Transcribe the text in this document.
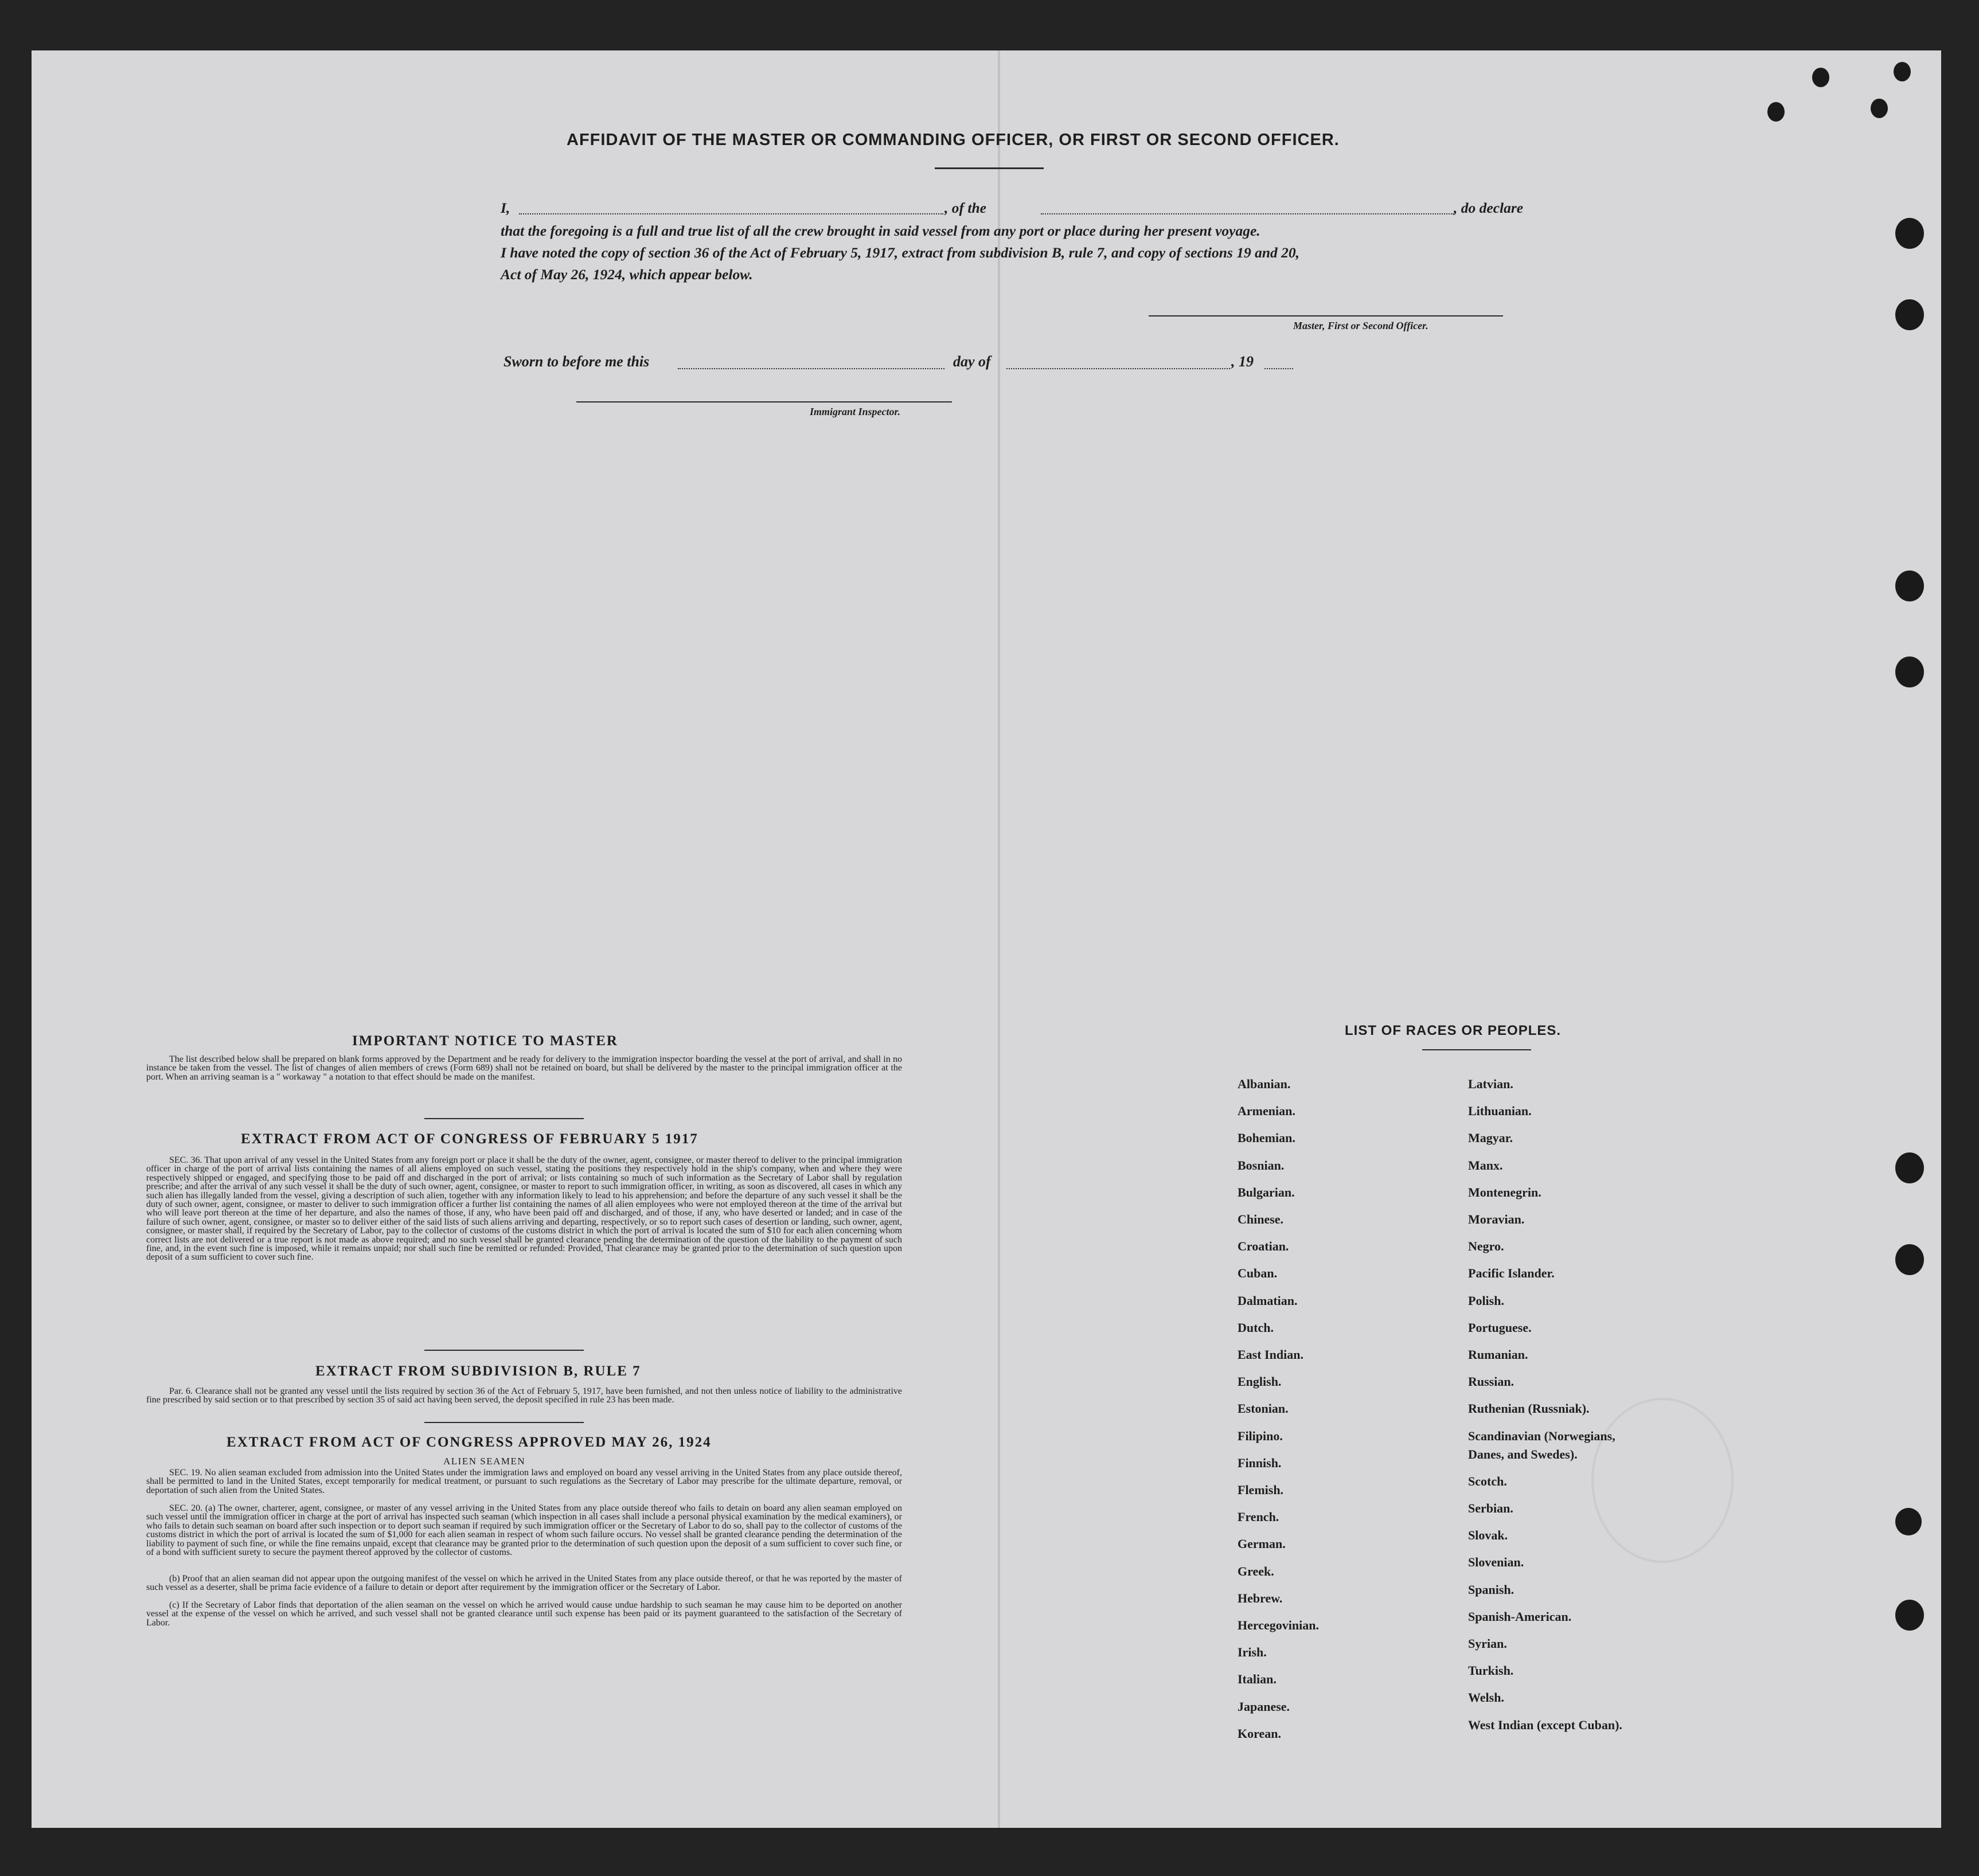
AFFIDAVIT OF THE MASTER OR COMMANDING OFFICER, OR FIRST OR SECOND OFFICER.
I,	, of the	, do declare
that the foregoing is a full and true list of all the crew brought in said vessel from any port or place during her present voyage.
I have noted the copy of section 36 of the Act of February 5, 1917, extract from subdivision B, rule 7, and copy of sections 19 and 20,
Act of May 26, 1924, which appear below.
Master, First or Second Officer.
Sworn to before me this	day of	, 19
Immigrant Inspector.
IMPORTANT NOTICE TO MASTER
The list described below shall be prepared on blank forms approved by the Department and be ready for delivery to the immigration inspector boarding the vessel at the port of arrival, and shall in no instance be taken from the vessel. The list of changes of alien members of crews (Form 689) shall not be retained on board, but shall be delivered by the master to the principal immigration officer at the port. When an arriving seaman is a " workaway " a notation to that effect should be made on the manifest.
EXTRACT FROM ACT OF CONGRESS OF FEBRUARY 5 1917
SEC. 36. That upon arrival of any vessel in the United States from any foreign port or place it shall be the duty of the owner, agent, consignee, or master thereof to deliver to the principal immigration officer in charge of the port of arrival lists containing the names of all aliens employed on such vessel, stating the positions they respectively hold in the ship's company, when and where they were respectively shipped or engaged, and specifying those to be paid off and discharged in the port of arrival; or lists containing so much of such information as the Secretary of Labor shall by regulation prescribe; and after the arrival of any such vessel it shall be the duty of such owner, agent, consignee, or master to report to such immigration officer, in writing, as soon as discovered, all cases in which any such alien has illegally landed from the vessel, giving a description of such alien, together with any information likely to lead to his apprehension; and before the departure of any such vessel it shall be the duty of such owner, agent, consignee, or master to deliver to such immigration officer a further list containing the names of all alien employees who were not employed thereon at the time of the arrival but who will leave port thereon at the time of her departure, and also the names of those, if any, who have been paid off and discharged, and of those, if any, who have deserted or landed; and in case of the failure of such owner, agent, consignee, or master so to deliver either of the said lists of such aliens arriving and departing, respectively, or so to report such cases of desertion or landing, such owner, agent, consignee, or master shall, if required by the Secretary of Labor, pay to the collector of customs of the customs district in which the port of arrival is located the sum of $10 for each alien concerning whom correct lists are not delivered or a true report is not made as above required; and no such vessel shall be granted clearance pending the determination of the question of the liability to the payment of such fine, and, in the event such fine is imposed, while it remains unpaid; nor shall such fine be remitted or refunded: Provided, That clearance may be granted prior to the determination of such question upon deposit of a sum sufficient to cover such fine.
EXTRACT FROM SUBDIVISION B, RULE 7
Par. 6. Clearance shall not be granted any vessel until the lists required by section 36 of the Act of February 5, 1917, have been furnished, and not then unless notice of liability to the administrative fine prescribed by said section or to that prescribed by section 35 of said act having been served, the deposit specified in rule 23 has been made.
EXTRACT FROM ACT OF CONGRESS APPROVED MAY 26, 1924
ALIEN SEAMEN
SEC. 19. No alien seaman excluded from admission into the United States under the immigration laws and employed on board any vessel arriving in the United States from any place outside thereof, shall be permitted to land in the United States, except temporarily for medical treatment, or pursuant to such regulations as the Secretary of Labor may prescribe for the ultimate departure, removal, or deportation of such alien from the United States.
SEC. 20. (a) The owner, charterer, agent, consignee, or master of any vessel arriving in the United States from any place outside thereof who fails to detain on board any alien seaman employed on such vessel until the immigration officer in charge at the port of arrival has inspected such seaman (which inspection in all cases shall include a personal physical examination by the medical examiners), or who fails to detain such seaman on board after such inspection or to deport such seaman if required by such immigration officer or the Secretary of Labor to do so, shall pay to the collector of customs of the customs district in which the port of arrival is located the sum of $1,000 for each alien seaman in respect of whom such failure occurs. No vessel shall be granted clearance pending the determination of the liability to payment of such fine, or while the fine remains unpaid, except that clearance may be granted prior to the determination of such question upon the deposit of a sum sufficient to cover such fine, or of a bond with sufficient surety to secure the payment thereof approved by the collector of customs.
(b) Proof that an alien seaman did not appear upon the outgoing manifest of the vessel on which he arrived in the United States from any place outside thereof, or that he was reported by the master of such vessel as a deserter, shall be prima facie evidence of a failure to detain or deport after requirement by the immigration officer or the Secretary of Labor.
(c) If the Secretary of Labor finds that deportation of the alien seaman on the vessel on which he arrived would cause undue hardship to such seaman he may cause him to be deported on another vessel at the expense of the vessel on which he arrived, and such vessel shall not be granted clearance until such expense has been paid or its payment guaranteed to the satisfaction of the Secretary of Labor.
LIST OF RACES OR PEOPLES.
Albanian.
Armenian.
Bohemian.
Bosnian.
Bulgarian.
Chinese.
Croatian.
Cuban.
Dalmatian.
Dutch.
East Indian.
English.
Estonian.
Filipino.
Finnish.
Flemish.
French.
German.
Greek.
Hebrew.
Hercegovinian.
Irish.
Italian.
Japanese.
Korean.
Latvian.
Lithuanian.
Magyar.
Manx.
Montenegrin.
Moravian.
Negro.
Pacific Islander.
Polish.
Portuguese.
Rumanian.
Russian.
Ruthenian (Russniak).
Scandinavian (Norwegians,
Danes, and Swedes).
Scotch.
Serbian.
Slovak.
Slovenian.
Spanish.
Spanish-American.
Syrian.
Turkish.
Welsh.
West Indian (except Cuban).
